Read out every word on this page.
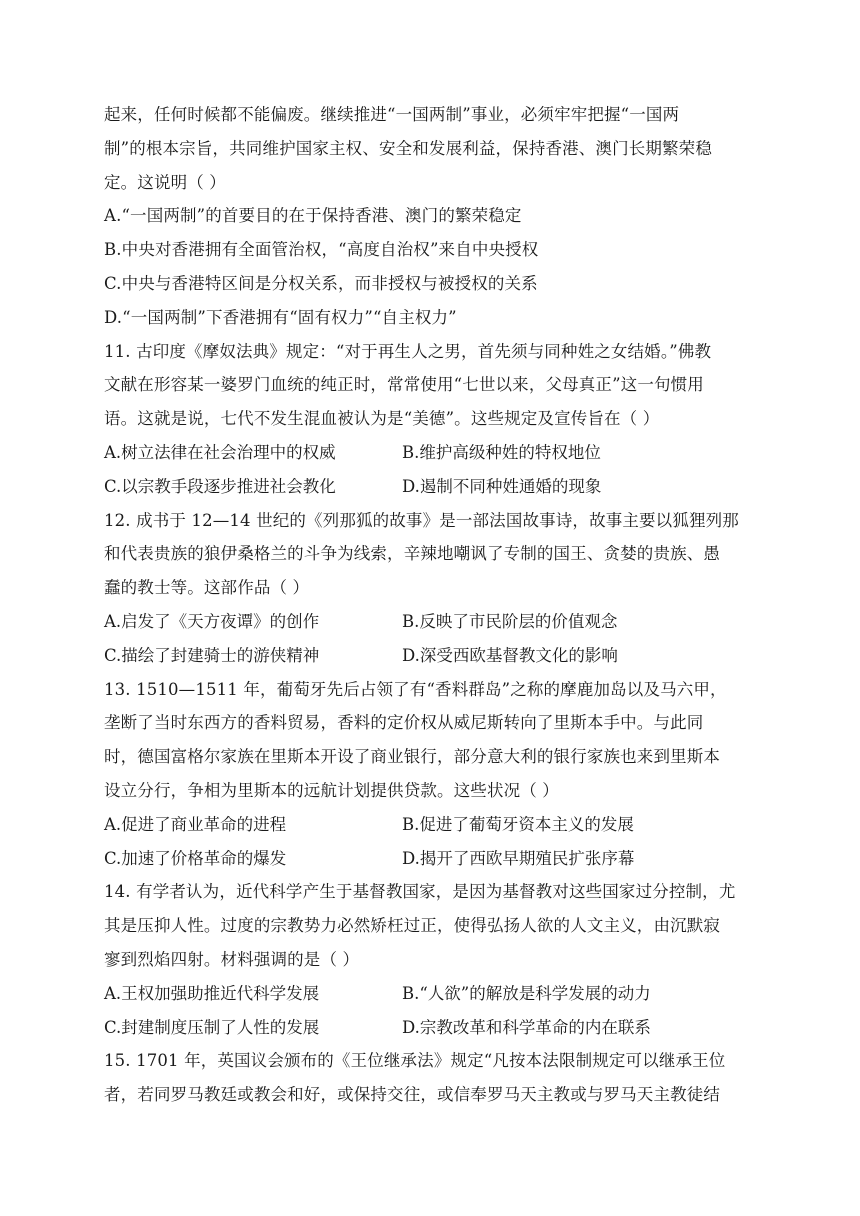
起来，任何时候都不能偏废。继续推进“一国两制”事业，必须牢牢把握“一国两
制”的根本宗旨，共同维护国家主权、安全和发展利益，保持香港、澳门长期繁荣稳
定。这说明（ ）
A.“一国两制”的首要目的在于保持香港、澳门的繁荣稳定
B.中央对香港拥有全面管治权，“高度自治权”来自中央授权
C.中央与香港特区间是分权关系，而非授权与被授权的关系
D.“一国两制”下香港拥有“固有权力”“自主权力”
11. 古印度《摩奴法典》规定：“对于再生人之男，首先须与同种姓之女结婚。”佛教
文献在形容某一婆罗门血统的纯正时，常常使用“七世以来，父母真正”这一句惯用
语。这就是说，七代不发生混血被认为是“美德”。这些规定及宣传旨在（ ）
A.树立法律在社会治理中的权威	B.维护高级种姓的特权地位
C.以宗教手段逐步推进社会教化	D.遏制不同种姓通婚的现象
12. 成书于 12—14 世纪的《列那狐的故事》是一部法国故事诗，故事主要以狐狸列那
和代表贵族的狼伊桑格兰的斗争为线索，辛辣地嘲讽了专制的国王、贪婪的贵族、愚
蠢的教士等。这部作品（ ）
A.启发了《天方夜谭》的创作	B.反映了市民阶层的价值观念
C.描绘了封建骑士的游侠精神	D.深受西欧基督教文化的影响
13. 1510—1511 年，葡萄牙先后占领了有“香料群岛”之称的摩鹿加岛以及马六甲，
垄断了当时东西方的香料贸易，香料的定价权从威尼斯转向了里斯本手中。与此同
时，德国富格尔家族在里斯本开设了商业银行，部分意大利的银行家族也来到里斯本
设立分行，争相为里斯本的远航计划提供贷款。这些状况（ ）
A.促进了商业革命的进程	B.促进了葡萄牙资本主义的发展
C.加速了价格革命的爆发	D.揭开了西欧早期殖民扩张序幕
14. 有学者认为，近代科学产生于基督教国家，是因为基督教对这些国家过分控制，尤
其是压抑人性。过度的宗教势力必然矫枉过正，使得弘扬人欲的人文主义，由沉默寂
寥到烈焰四射。材料强调的是（ ）
A.王权加强助推近代科学发展	B.“人欲”的解放是科学发展的动力
C.封建制度压制了人性的发展	D.宗教改革和科学革命的内在联系
15. 1701 年，英国议会颁布的《王位继承法》规定“凡按本法限制规定可以继承王位
者，若同罗马教廷或教会和好，或保持交往，或信奉罗马天主教或与罗马天主教徒结
